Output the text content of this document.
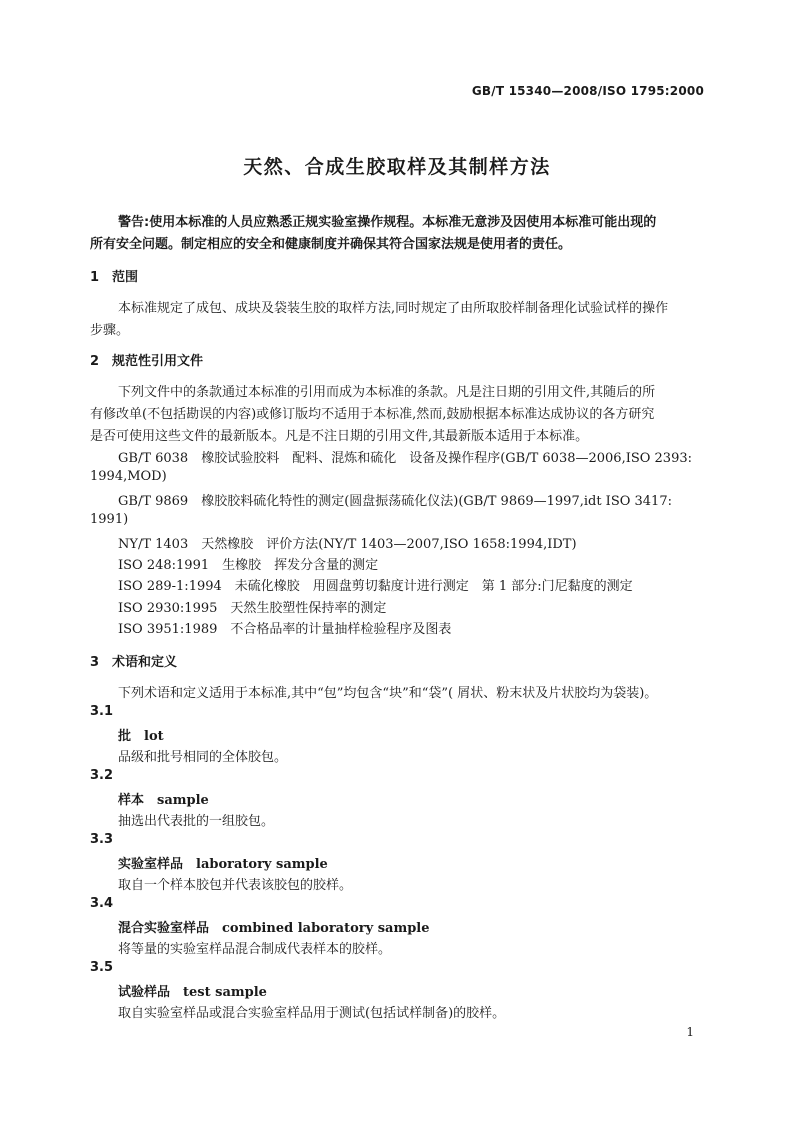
GB/T 15340—2008/ISO 1795:2000
天然、合成生胶取样及其制样方法
警告:使用本标准的人员应熟悉正规实验室操作规程。本标准无意涉及因使用本标准可能出现的
所有安全问题。制定相应的安全和健康制度并确保其符合国家法规是使用者的责任。
1 范围
本标准规定了成包、成块及袋装生胶的取样方法,同时规定了由所取胶样制备理化试验试样的操作
步骤。
2 规范性引用文件
下列文件中的条款通过本标准的引用而成为本标准的条款。凡是注日期的引用文件,其随后的所
有修改单(不包括勘误的内容)或修订版均不适用于本标准,然而,鼓励根据本标准达成协议的各方研究
是否可使用这些文件的最新版本。凡是不注日期的引用文件,其最新版本适用于本标准。
GB/T 6038　橡胶试验胶料　配料、混炼和硫化　设备及操作程序(GB/T 6038—2006,ISO 2393:
1994,MOD)
GB/T 9869　橡胶胶料硫化特性的测定(圆盘振荡硫化仪法)(GB/T 9869—1997,idt ISO 3417:
1991)
NY/T 1403　天然橡胶　评价方法(NY/T 1403—2007,ISO 1658:1994,IDT)
ISO 248:1991　生橡胶　挥发分含量的测定
ISO 289-1:1994　未硫化橡胶　用圆盘剪切黏度计进行测定　第 1 部分:门尼黏度的测定
ISO 2930:1995　天然生胶塑性保持率的测定
ISO 3951:1989　不合格品率的计量抽样检验程序及图表
3 术语和定义
下列术语和定义适用于本标准,其中“包”均包含“块”和“袋”( 屑状、粉末状及片状胶均为袋装)。
3.1
批　lot
品级和批号相同的全体胶包。
3.2
样本　sample
抽选出代表批的一组胶包。
3.3
实验室样品　laboratory sample
取自一个样本胶包并代表该胶包的胶样。
3.4
混合实验室样品　combined laboratory sample
将等量的实验室样品混合制成代表样本的胶样。
3.5
试验样品　test sample
取自实验室样品或混合实验室样品用于测试(包括试样制备)的胶样。
1
